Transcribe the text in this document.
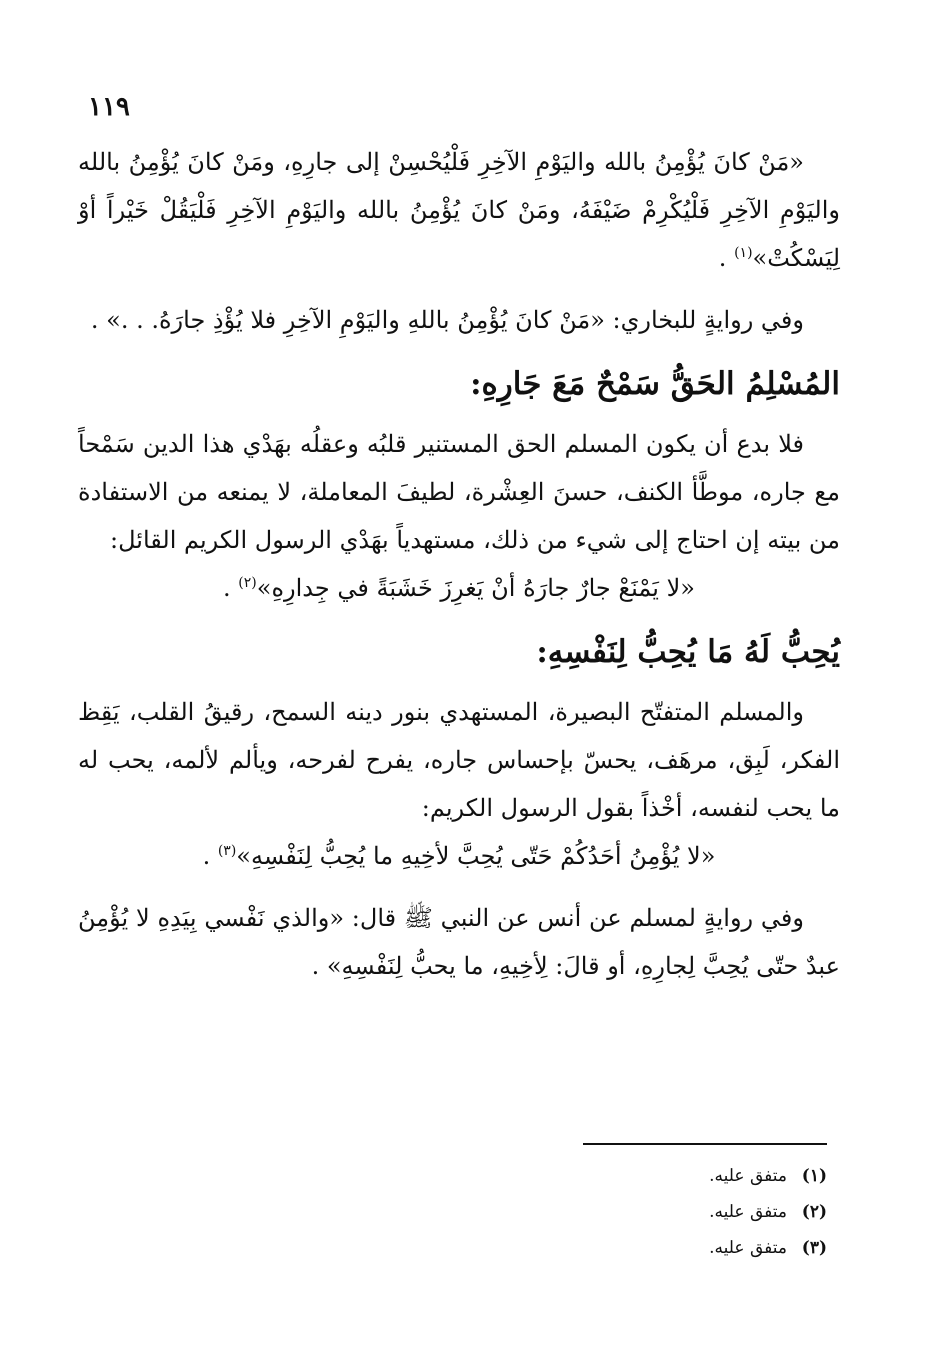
١١٩

«مَنْ كانَ يُؤْمِنُ بالله واليَوْمِ الآخِرِ فَلْيُحْسِنْ إلى جارِهِ، ومَنْ كانَ يُؤْمِنُ بالله واليَوْمِ الآخِرِ فَلْيُكْرِمْ ضَيْفَهُ، ومَنْ كانَ يُؤْمِنُ بالله واليَوْمِ الآخِرِ فَلْيَقُلْ خَيْراً أوْ لِيَسْكُتْ»$^{(١)}$ .

وفي روايةٍ للبخاري: «مَنْ كانَ يُؤْمِنُ باللهِ واليَوْمِ الآخِرِ فلا يُؤْذِ جارَهُ. . .» .

المُسْلِمُ الحَقُّ سَمْحٌ مَعَ جَارِهِ:

فلا بدع أن يكون المسلم الحق المستنير قلبُه وعقلُه بهَدْي هذا الدين سَمْحاً مع جاره، موطَّأ الكنف، حسنَ العِشْرة، لطيفَ المعاملة، لا يمنعه من الاستفادة من بيته إن احتاج إلى شيء من ذلك، مستهدياً بهَدْي الرسول الكريم القائل:

«لا يَمْنَعْ جارٌ جارَهُ أنْ يَغرِزَ خَشَبَةً في جِدارِهِ»$^{(٢)}$ .

يُحِبُّ لَهُ مَا يُحِبُّ لِنَفْسِهِ:

والمسلم المتفتّح البصيرة، المستهدي بنور دينه السمح، رقيقُ القلب، يَقِظ الفكر، لَبِق، مرهَف، يحسّ بإحساس جاره، يفرح لفرحه، ويألم لألمه، يحب له ما يحب لنفسه، أخْذاً بقول الرسول الكريم:

«لا يُؤْمِنُ أحَدُكُمْ حَتّى يُحِبَّ لأخِيهِ ما يُحِبُّ لِنَفْسِهِ»$^{(٣)}$ .

وفي روايةٍ لمسلم عن أنس عن النبي ﷺ قال: «والذي نَفْسي بِيَدِهِ لا يُؤْمِنُ عبدٌ حتّى يُحِبَّ لِجارِهِ، أو قالَ: لِأخِيهِ، ما يحبُّ لِنَفْسِهِ» .

(١)متفق عليه.

(٢)متفق عليه.

(٣)متفق عليه.
